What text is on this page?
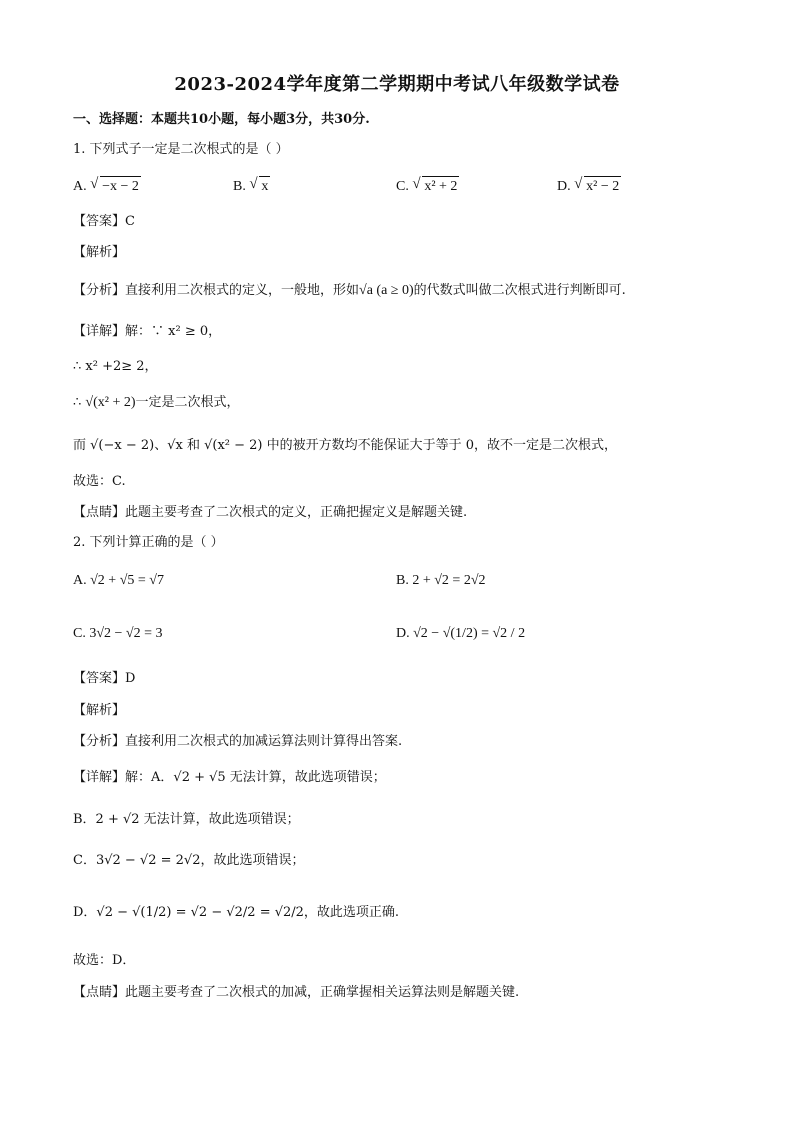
2023-2024学年度第二学期期中考试八年级数学试卷
一、选择题：本题共10小题，每小题3分，共30分.
1. 下列式子一定是二次根式的是（ ）
A. √ −x − 2	B. √ x	C. √ x² + 2	D. √ x² − 2
【答案】C
【解析】
【分析】直接利用二次根式的定义，一般地，形如√a (a ≥ 0)的代数式叫做二次根式进行判断即可.
【详解】解：∵ x² ≥ 0，
∴ x² +2≥ 2，
∴ √(x² + 2)一定是二次根式，
而 √(−x − 2)、√x 和 √(x² − 2) 中的被开方数均不能保证大于等于 0，故不一定是二次根式，
故选：C.
【点睛】此题主要考查了二次根式的定义，正确把握定义是解题关键.
2. 下列计算正确的是（ ）
A. √2 + √5 = √7	B. 2 + √2 = 2√2
C. 3√2 − √2 = 3	D. √2 − √(1/2) = √2 / 2
【答案】D
【解析】
【分析】直接利用二次根式的加减运算法则计算得出答案.
【详解】解：A．√2 + √5 无法计算，故此选项错误；
B．2 + √2 无法计算，故此选项错误；
C．3√2 − √2 = 2√2，故此选项错误；
D．√2 − √(1/2) = √2 − √2/2 = √2/2，故此选项正确.
故选：D．
【点睛】此题主要考查了二次根式的加减，正确掌握相关运算法则是解题关键.
